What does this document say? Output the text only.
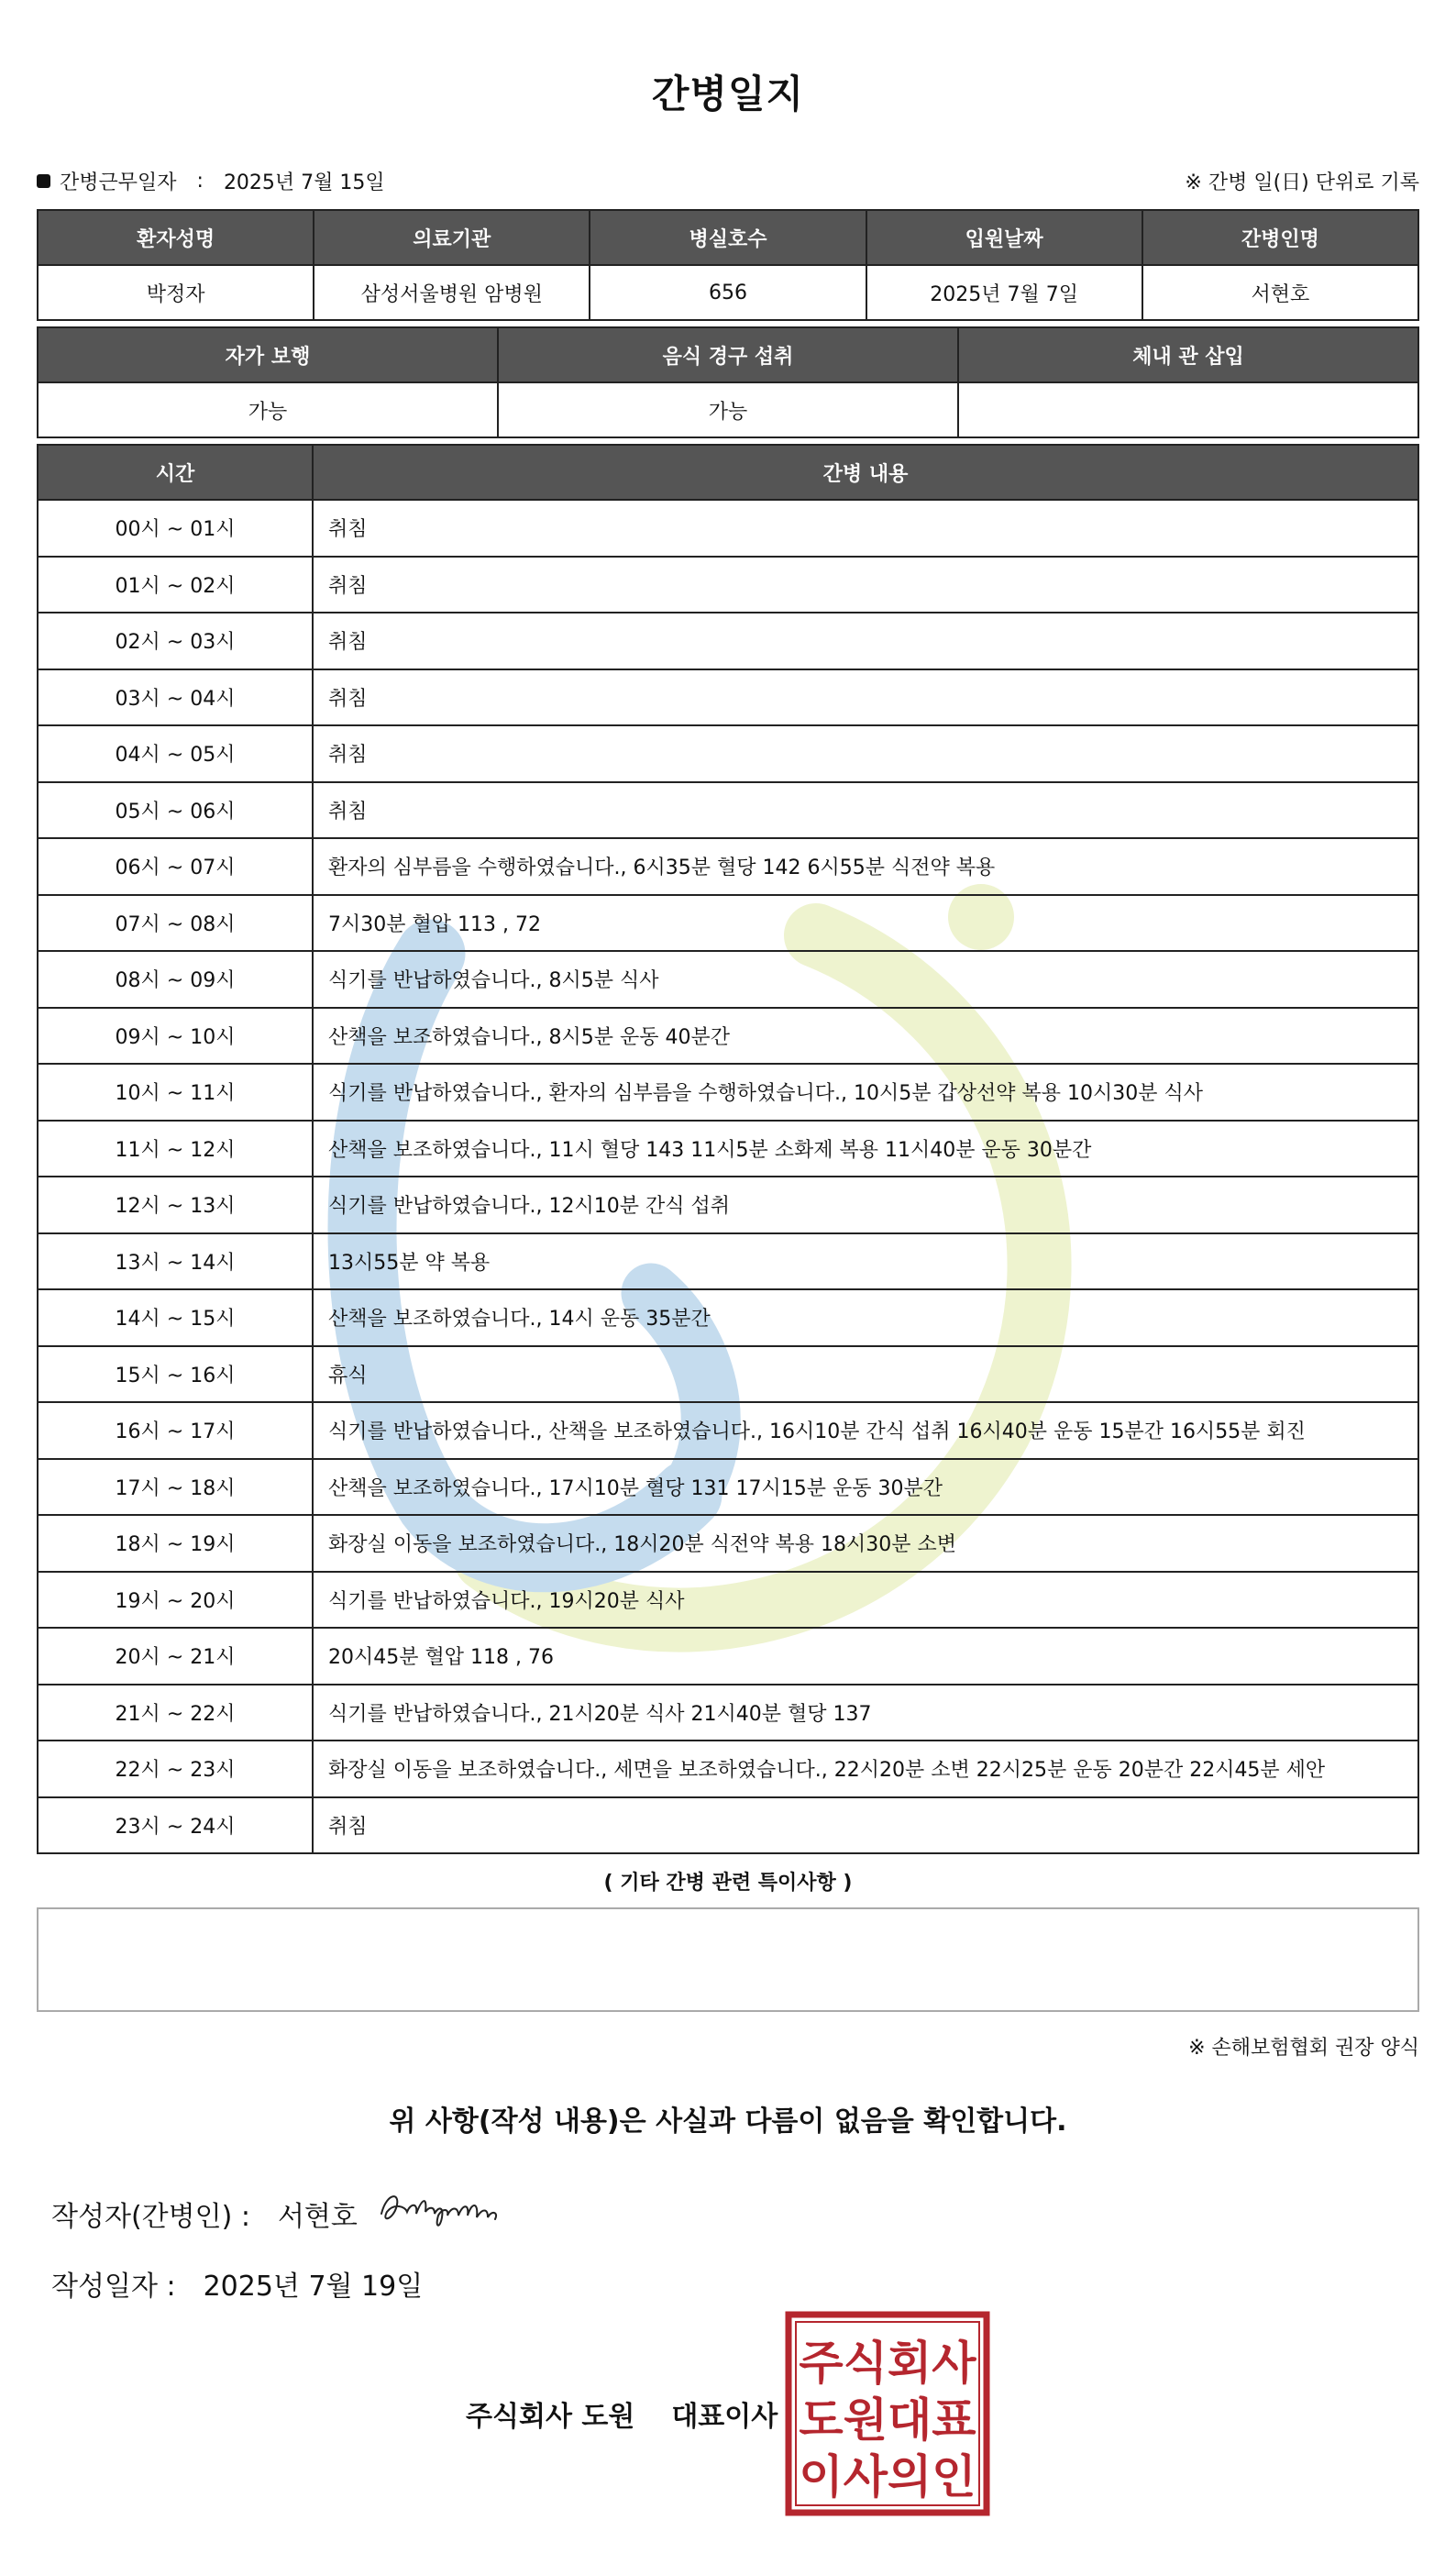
간병일지
간병근무일자 : 2025년 7월 15일	※ 간병 일(日) 단위로 기록
환자성명	의료기관	병실호수	입원날짜	간병인명
박정자	삼성서울병원 암병원	656	2025년 7월 7일	서현호
자가 보행	음식 경구 섭취	체내 관 삽입
가능	가능	
시간	간병 내용
00시 ~ 01시	취침
01시 ~ 02시	취침
02시 ~ 03시	취침
03시 ~ 04시	취침
04시 ~ 05시	취침
05시 ~ 06시	취침
06시 ~ 07시	환자의 심부름을 수행하였습니다., 6시35분 혈당 142 6시55분 식전약 복용
07시 ~ 08시	7시30분 혈압 113 , 72
08시 ~ 09시	식기를 반납하였습니다., 8시5분 식사
09시 ~ 10시	산책을 보조하였습니다., 8시5분 운동 40분간
10시 ~ 11시	식기를 반납하였습니다., 환자의 심부름을 수행하였습니다., 10시5분 갑상선약 복용 10시30분 식사
11시 ~ 12시	산책을 보조하였습니다., 11시 혈당 143 11시5분 소화제 복용 11시40분 운동 30분간
12시 ~ 13시	식기를 반납하였습니다., 12시10분 간식 섭취
13시 ~ 14시	13시55분 약 복용
14시 ~ 15시	산책을 보조하였습니다., 14시 운동 35분간
15시 ~ 16시	휴식
16시 ~ 17시	식기를 반납하였습니다., 산책을 보조하였습니다., 16시10분 간식 섭취 16시40분 운동 15분간 16시55분 회진
17시 ~ 18시	산책을 보조하였습니다., 17시10분 혈당 131 17시15분 운동 30분간
18시 ~ 19시	화장실 이동을 보조하였습니다., 18시20분 식전약 복용 18시30분 소변
19시 ~ 20시	식기를 반납하였습니다., 19시20분 식사
20시 ~ 21시	20시45분 혈압 118 , 76
21시 ~ 22시	식기를 반납하였습니다., 21시20분 식사 21시40분 혈당 137
22시 ~ 23시	화장실 이동을 보조하였습니다., 세면을 보조하였습니다., 22시20분 소변 22시25분 운동 20분간 22시45분 세안
23시 ~ 24시	취침
( 기타 간병 관련 특이사항 )
※ 손해보험협회 권장 양식
위 사항(작성 내용)은 사실과 다름이 없음을 확인합니다.
작성자(간병인) : 서현호
작성일자 : 2025년 7월 19일
주식회사 도원 대표이사
주식회사
도원대표
이사의인
